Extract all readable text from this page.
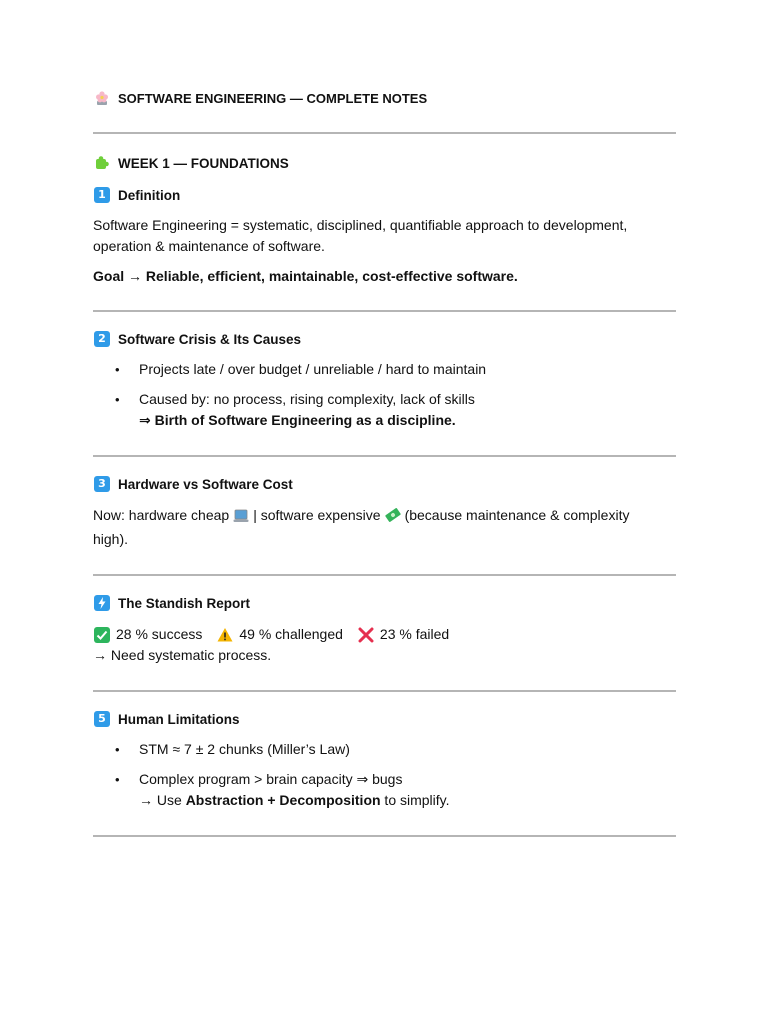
SOFTWARE ENGINEERING — COMPLETE NOTES
WEEK 1 — FOUNDATIONS
1 Definition

Software Engineering = systematic, disciplined, quantifiable approach to development,

operation & maintenance of software.

Goal → Reliable, efficient, maintainable, cost-effective software.

2 Software Crisis & Its Causes
• Projects late / over budget / unreliable / hard to maintain
• Caused by: no process, rising complexity, lack of skills
⇒ Birth of Software Engineering as a discipline.
3 Hardware vs Software Cost

Now: hardware cheap | software expensive (because maintenance & complexity
high).

The Standish Report

28 % success	49 % challenged	23 % failed

→ Need systematic process.

5 Human Limitations
• STM ≈ 7 ± 2 chunks (Miller’s Law)
• Complex program > brain capacity ⇒ bugs
→ Use Abstraction + Decomposition to simplify.
